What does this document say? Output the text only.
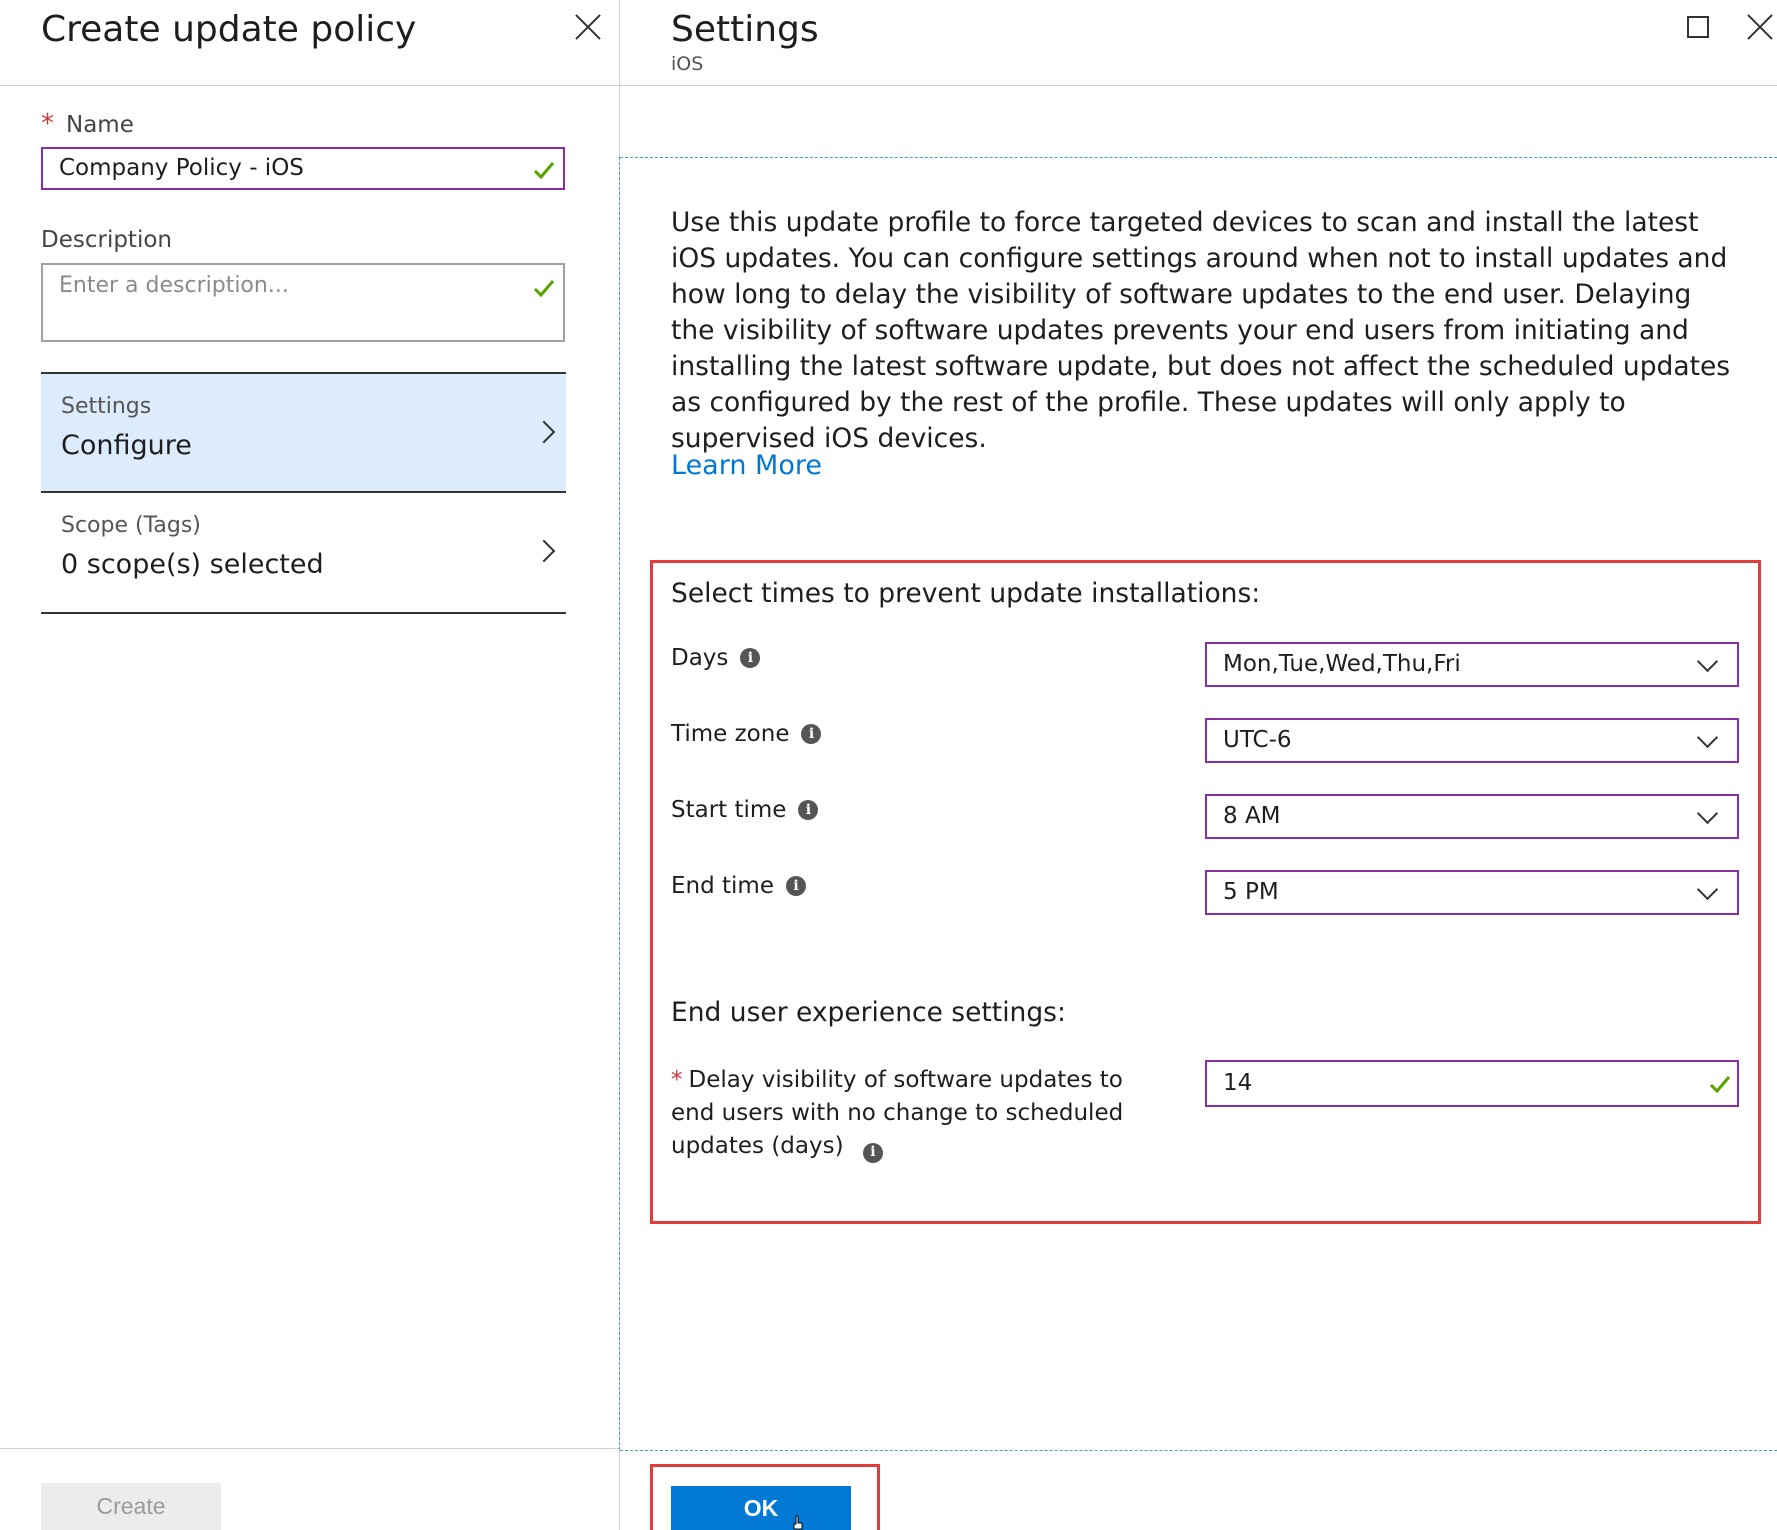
Create update policy
* Name
Company Policy - iOS
Description
Enter a description...
Settings
Configure
Scope (Tags)
0 scope(s) selected
Create
Settings
iOS
Use this update profile to force targeted devices to scan and install the latest iOS updates. You can configure settings around when not to install updates and how long to delay the visibility of software updates to the end user. Delaying the visibility of software updates prevents your end users from initiating and installing the latest software update, but does not affect the scheduled updates as configured by the rest of the profile. These updates will only apply to supervised iOS devices.
Learn More
Select times to prevent update installations:
Days	i	Mon,Tue,Wed,Thu,Fri
Time zone	i	UTC-6
Start time	i	8 AM
End time	i	5 PM
End user experience settings:
* Delay visibility of software updates to end users with no change to scheduled updates (days) i
14
OK
